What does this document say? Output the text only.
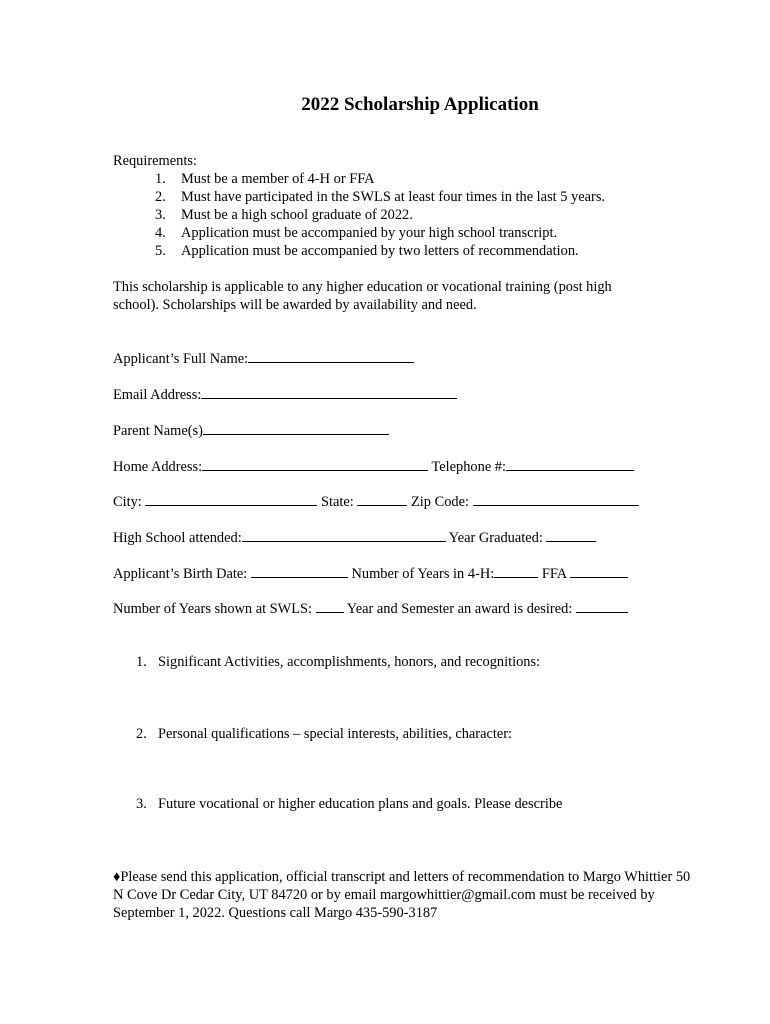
2022 Scholarship Application
Requirements:
1.	Must be a member of 4-H or FFA
2.	Must have participated in the SWLS at least four times in the last 5 years.
3.	Must be a high school graduate of 2022.
4.	Application must be accompanied by your high school transcript.
5.	Application must be accompanied by two letters of recommendation.
This scholarship is applicable to any higher education or vocational training (post high school). Scholarships will be awarded by availability and need.
Applicant’s Full Name:
Email Address:
Parent Name(s)
Home Address:	Telephone #:
City:	State:	Zip Code:
High School attended:	Year Graduated:
Applicant’s Birth Date:	Number of Years in 4-H:	FFA
Number of Years shown at SWLS: Year and Semester an award is desired:
1. Significant Activities, accomplishments, honors, and recognitions:
2. Personal qualifications – special interests, abilities, character:
3. Future vocational or higher education plans and goals. Please describe

♦Please send this application, official transcript and letters of recommendation to Margo Whittier 50

N Cove Dr Cedar City, UT 84720 or by email margowhittier@gmail.com must be received by

September 1, 2022. Questions call Margo 435-590-3187
